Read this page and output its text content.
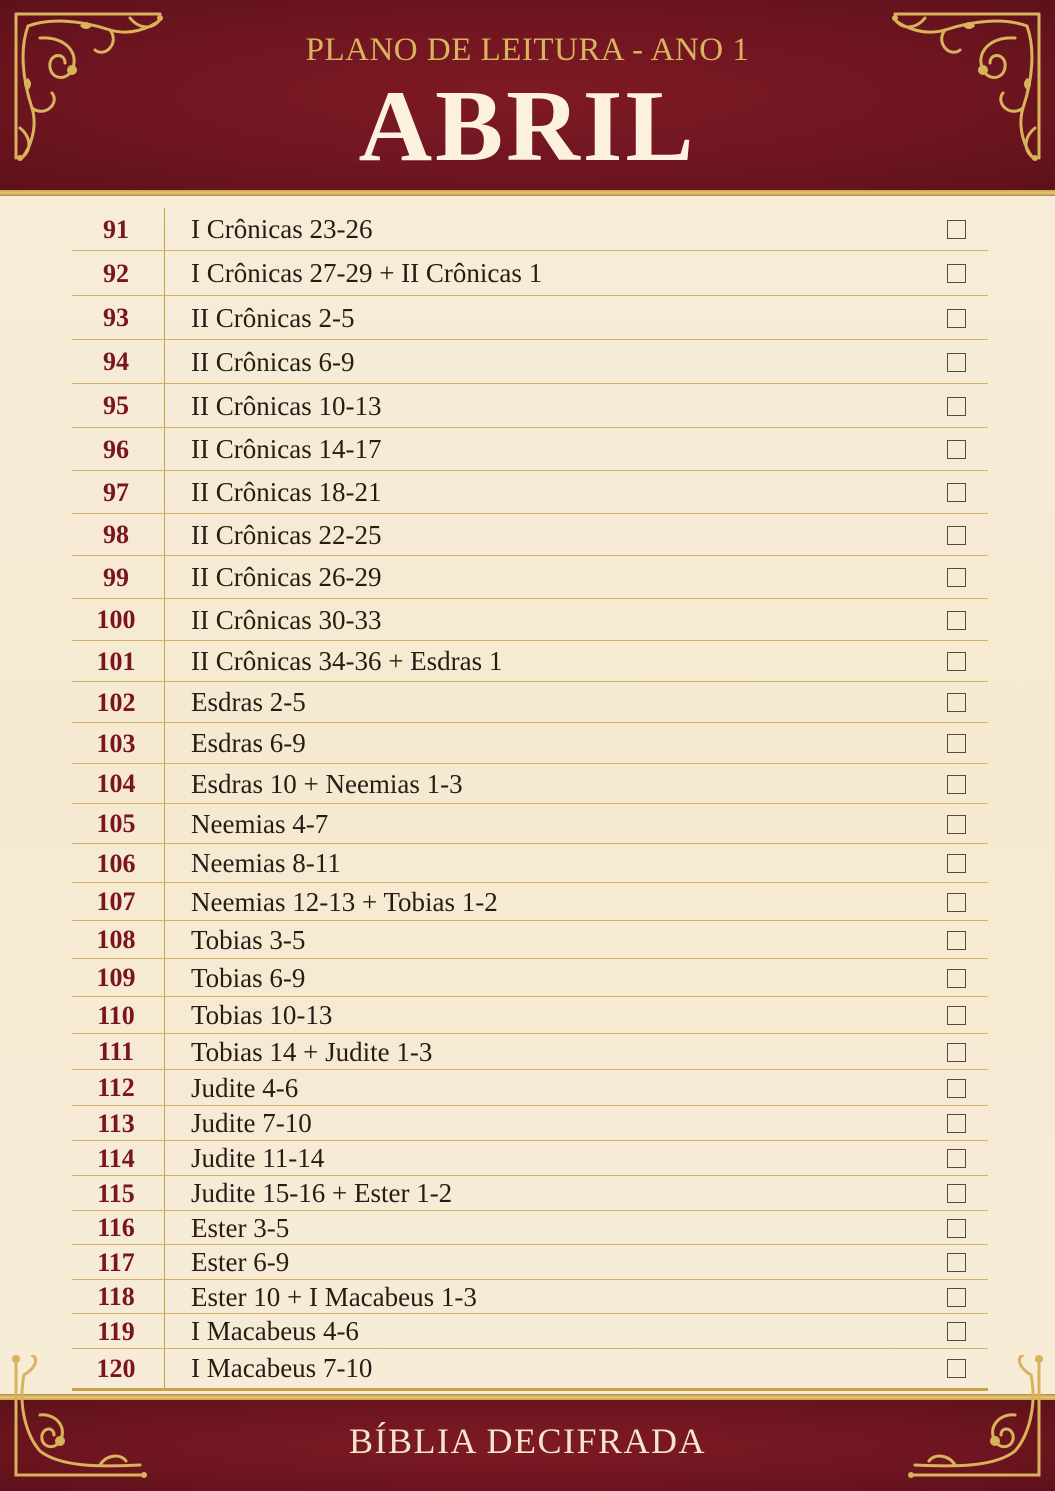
PLANO DE LEITURA - ANO 1
ABRIL
91	I Crônicas 23-26
92	I Crônicas 27-29 + II Crônicas 1
93	II Crônicas 2-5
94	II Crônicas 6-9
95	II Crônicas 10-13
96	II Crônicas 14-17
97	II Crônicas 18-21
98	II Crônicas 22-25
99	II Crônicas 26-29
100	II Crônicas 30-33
101	II Crônicas 34-36 + Esdras 1
102	Esdras 2-5
103	Esdras 6-9
104	Esdras 10 + Neemias 1-3
105	Neemias 4-7
106	Neemias 8-11
107	Neemias 12-13 + Tobias 1-2
108	Tobias 3-5
109	Tobias 6-9
110	Tobias 10-13
111	Tobias 14 + Judite 1-3
112	Judite 4-6
113	Judite 7-10
114	Judite 11-14
115	Judite 15-16 + Ester 1-2
116	Ester 3-5
117	Ester 6-9
118	Ester 10 + I Macabeus 1-3
119	I Macabeus 4-6
120	I Macabeus 7-10
BÍBLIA DECIFRADA
